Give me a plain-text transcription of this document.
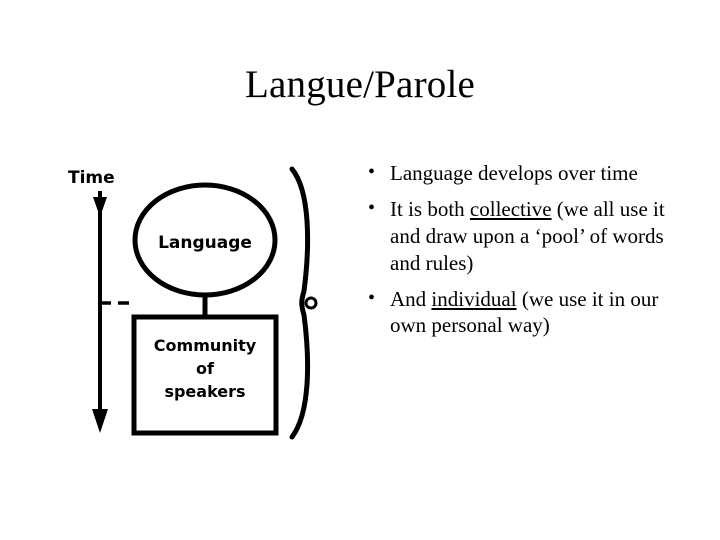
Langue/Parole
Time
Language
Community
of
speakers
• Language develops over time
• It is both collective (we all use it and draw upon a ‘pool’ of words and rules)
• And individual (we use it in our own personal way)
